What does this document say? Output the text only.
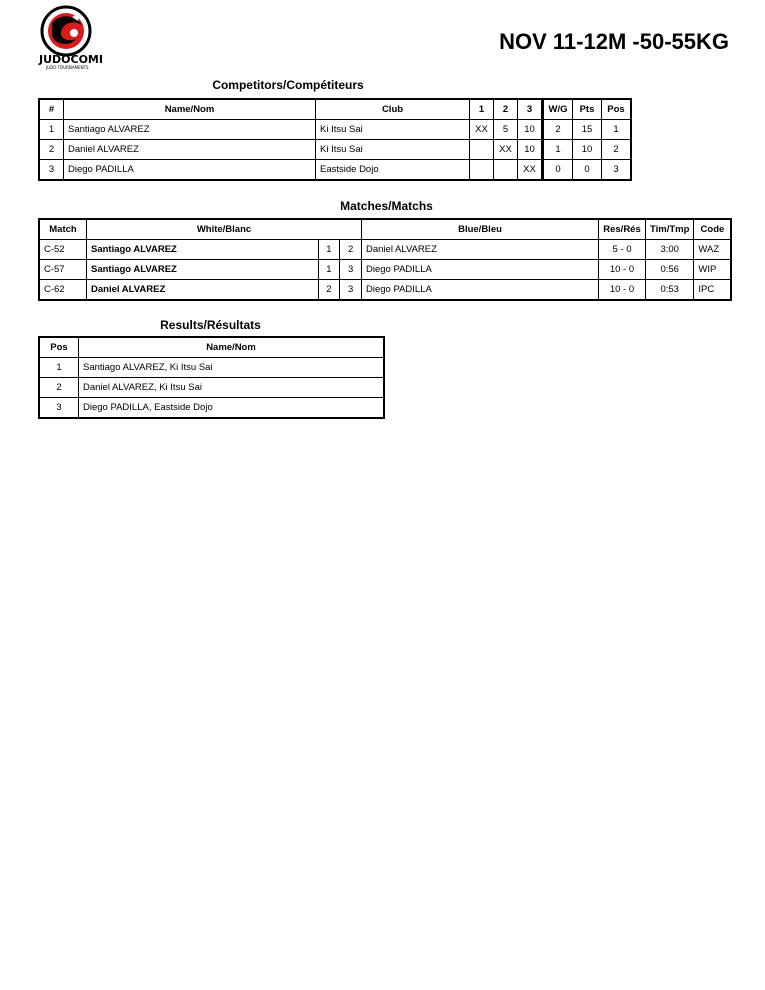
JUDOCOMP
JUDO TOURNAMENTS
NOV 11-12M -50-55KG
Competitors/Compétiteurs
#	Name/Nom	Club	1	2	3	W/G	Pts	Pos
1	Santiago ALVAREZ	Ki Itsu Sai	XX	5	10	2	15	1
2	Daniel ALVAREZ	Ki Itsu Sai		XX	10	1	10	2
3	Diego PADILLA	Eastside Dojo			XX	0	0	3
Matches/Matchs
Match	White/Blanc			Blue/Bleu	Res/Rés	Tim/Tmp	Code
C-52	Santiago ALVAREZ	1	2	Daniel ALVAREZ	5 - 0	3:00	WAZ
C-57	Santiago ALVAREZ	1	3	Diego PADILLA	10 - 0	0:56	WIP
C-62	Daniel ALVAREZ	2	3	Diego PADILLA	10 - 0	0:53	IPC
Results/Résultats
Pos	Name/Nom
1	Santiago ALVAREZ, Ki Itsu Sai
2	Daniel ALVAREZ, Ki Itsu Sai
3	Diego PADILLA, Eastside Dojo
